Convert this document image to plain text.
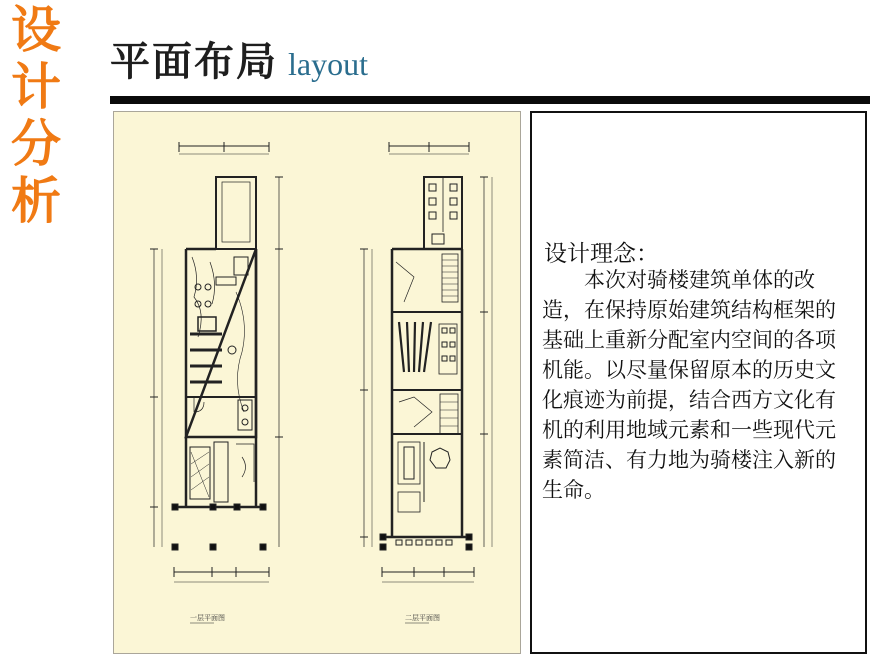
设
计
分
析
平面布局 layout
一层平面图	二层平面图
设计理念：
本次对骑楼建筑单体的改造，在保持原始建筑结构框架的基础上重新分配室内空间的各项机能。以尽量保留原本的历史文化痕迹为前提，结合西方文化有机的利用地域元素和一些现代元素简洁、有力地为骑楼注入新的生命。
